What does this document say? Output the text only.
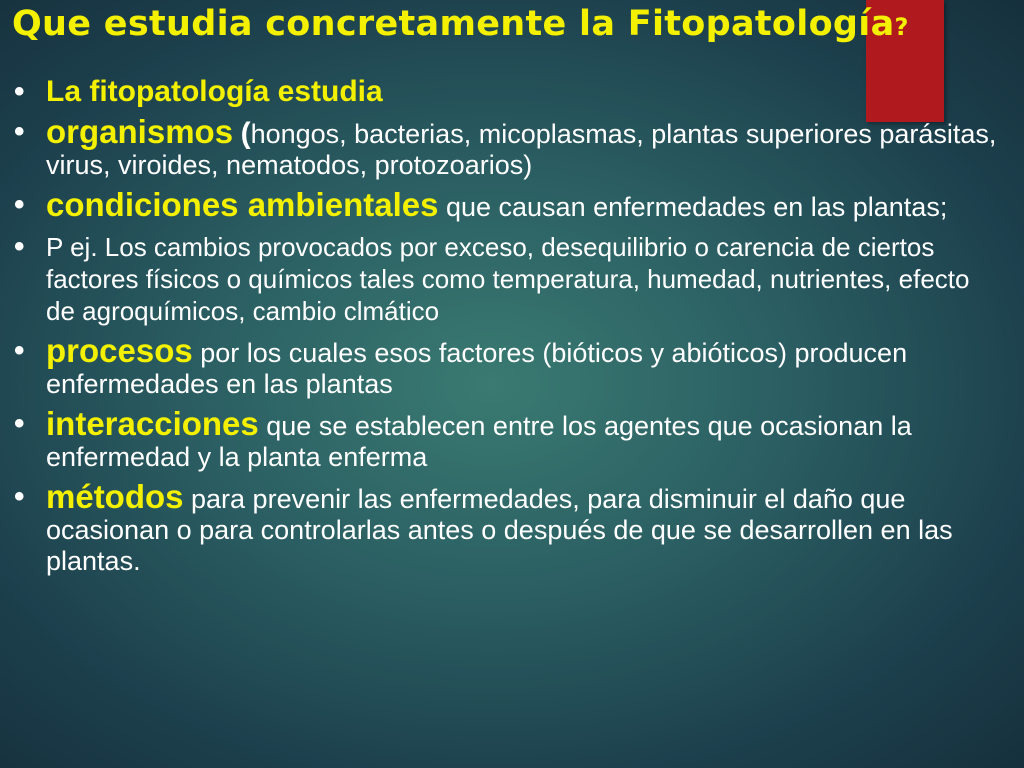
Que estudia concretamente la Fitopatología?
• La fitopatología estudia
• organismos (hongos, bacterias, micoplasmas, plantas superiores parásitas, virus, viroides, nematodos, protozoarios)
• condiciones ambientales que causan enfermedades en las plantas;
• P ej. Los cambios provocados por exceso, desequilibrio o carencia de ciertos factores físicos o químicos tales como temperatura, humedad, nutrientes, efecto de agroquímicos, cambio clmático
• procesos por los cuales esos factores (bióticos y abióticos) producen enfermedades en las plantas
• interacciones que se establecen entre los agentes que ocasionan la enfermedad y la planta enferma
• métodos para prevenir las enfermedades, para disminuir el daño que ocasionan o para controlarlas antes o después de que se desarrollen en las plantas.
